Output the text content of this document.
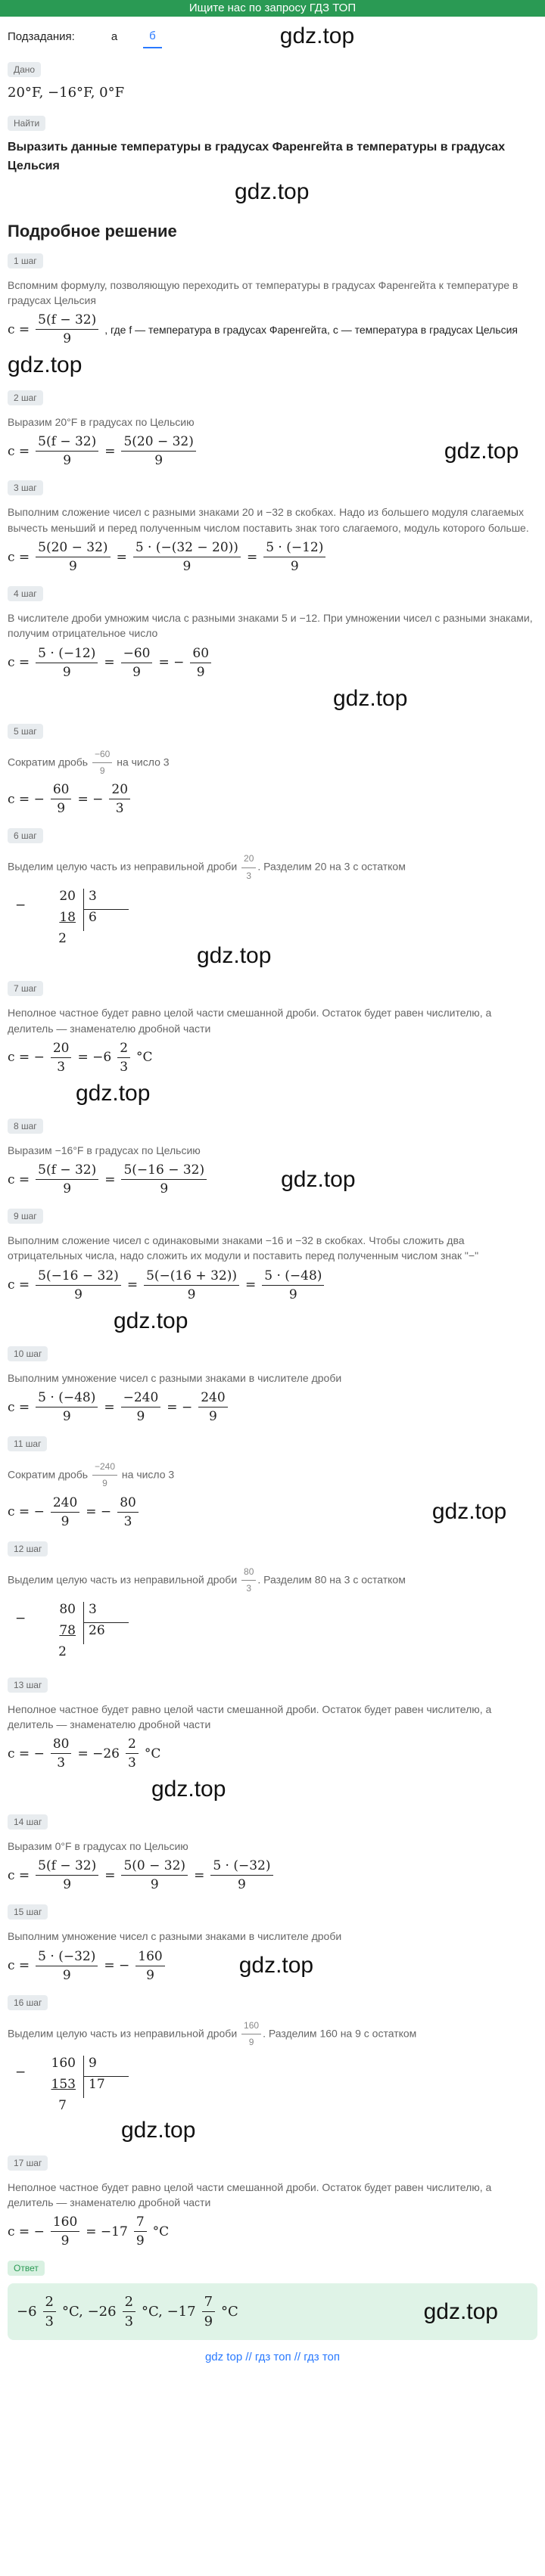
Ищите нас по запросу ГДЗ ТОП
Подзадания:	а	б	gdz.top
Дано
20°F, −16°F, 0°F
Найти
Выразить данные температуры в градусах Фаренгейта в температуры в градусах Цельсия
gdz.top
Подробное решение
1 шаг
Вспомним формулу, позволяющую переходить от температуры в градусах Фаренгейта к температуре в градусах Цельсия
$c = \frac{5(f - 32)}{9}$ , где f — температура в градусах Фаренгейта, c — температура в градусах Цельсия
gdz.top
2 шаг
Выразим 20°F в градусах по Цельсию
$c = \frac{5(f - 32)}{9} = \frac{5(20 - 32)}{9}$	gdz.top
3 шаг
Выполним сложение чисел с разными знаками 20 и −32 в скобках. Надо из большего модуля слагаемых вычесть меньший и перед полученным числом поставить знак того слагаемого, модуль которого больше.
$c = \frac{5(20 - 32)}{9} = \frac{5 \cdot (-(32 - 20))}{9} = \frac{5 \cdot (-12)}{9}$
4 шаг
В числителе дроби умножим числа с разными знаками 5 и −12. При умножении чисел с разными знаками, получим отрицательное число
$c = \frac{5 \cdot (-12)}{9} = \frac{-60}{9}$ = − $\frac{60}{9}$
gdz.top
5 шаг
Сократим дробь $\frac{-60}{9}$ на число 3
c = − $\frac{60}{9}$ = − $\frac{20}{3}$
6 шаг
Выделим целую часть из неправильной дроби $\frac{20}{3}$ . Разделим 20 на 3 с остатком
−
20
18
2
3
6
gdz.top
7 шаг
Неполное частное будет равно целой части смешанной дроби. Остаток будет равен числителю, а делитель — знаменателю дробной части
c = − $\frac{20}{3} = -6 \frac{2}{3} ^\circ C$
gdz.top
8 шаг
Выразим −16°F в градусах по Цельсию
$c = \frac{5(f - 32)}{9} = \frac{5(-16 - 32)}{9}$	gdz.top
9 шаг
Выполним сложение чисел с одинаковыми знаками −16 и −32 в скобках. Чтобы сложить два отрицательных числа, надо сложить их модули и поставить перед полученным числом знак "−"
$c = \frac{5(-16 - 32)}{9} = \frac{5(-(16 + 32))}{9} = \frac{5 \cdot (-48)}{9}$
gdz.top
10 шаг
Выполним умножение чисел с разными знаками в числителе дроби
$c = \frac{5 \cdot (-48)}{9} = \frac{-240}{9}$ = − $\frac{240}{9}$
11 шаг
Сократим дробь $\frac{-240}{9}$ на число 3
c = − $\frac{240}{9}$ = − $\frac{80}{3}$	gdz.top
12 шаг
Выделим целую часть из неправильной дроби $\frac{80}{3}$ . Разделим 80 на 3 с остатком
−
80
78
2
3
26
13 шаг
Неполное частное будет равно целой части смешанной дроби. Остаток будет равен числителю, а делитель — знаменателю дробной части
c = − $\frac{80}{3} = -26 \frac{2}{3} ^\circ C$
gdz.top
14 шаг
Выразим 0°F в градусах по Цельсию
$c = \frac{5(f - 32)}{9} = \frac{5(0 - 32)}{9} = \frac{5 \cdot (-32)}{9}$
15 шаг
Выполним умножение чисел с разными знаками в числителе дроби
$c = \frac{5 \cdot (-32)}{9}$ = − $\frac{160}{9}$	gdz.top
16 шаг
Выделим целую часть из неправильной дроби $\frac{160}{9}$ . Разделим 160 на 9 с остатком
−
160
153
7
9
17
gdz.top
17 шаг
Неполное частное будет равно целой части смешанной дроби. Остаток будет равен числителю, а делитель — знаменателю дробной части
c = − $\frac{160}{9} = -17 \frac{7}{9} ^\circ C$
Ответ
$-6 \frac{2}{3} ^\circ C$, $-26 \frac{2}{3} ^\circ C$, $-17 \frac{7}{9} ^\circ C$	gdz.top
gdz top // гдз топ // гдз топ
